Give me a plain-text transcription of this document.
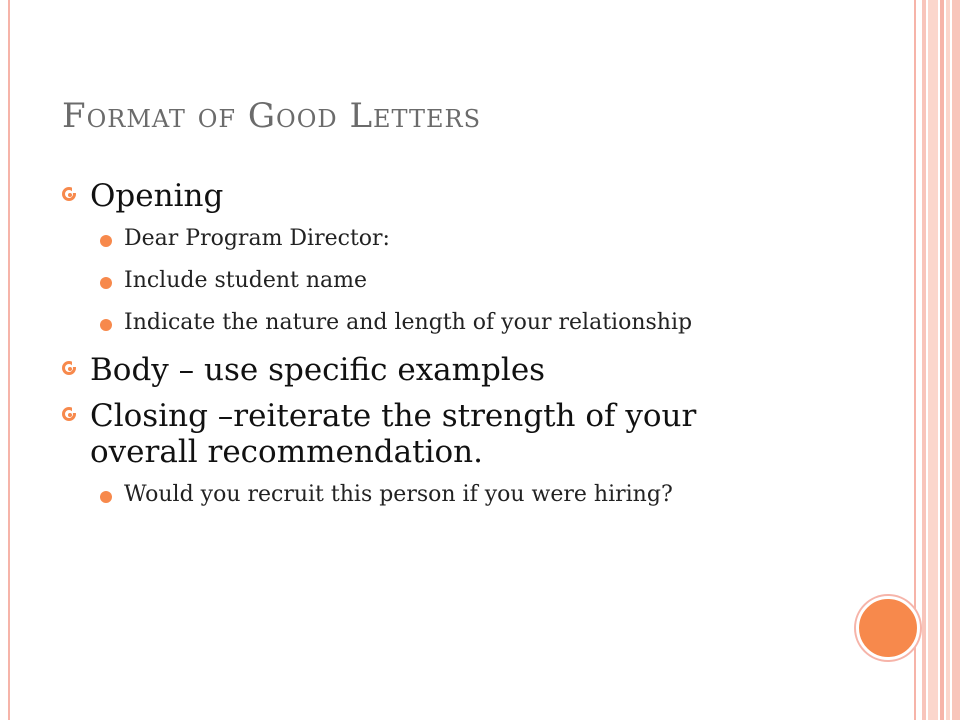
Format of Good Letters
Opening
Dear Program Director:
Include student name
Indicate the nature and length of your relationship
Body – use specific examples
Closing –reiterate the strength of your overall recommendation.
Would you recruit this person if you were hiring?
